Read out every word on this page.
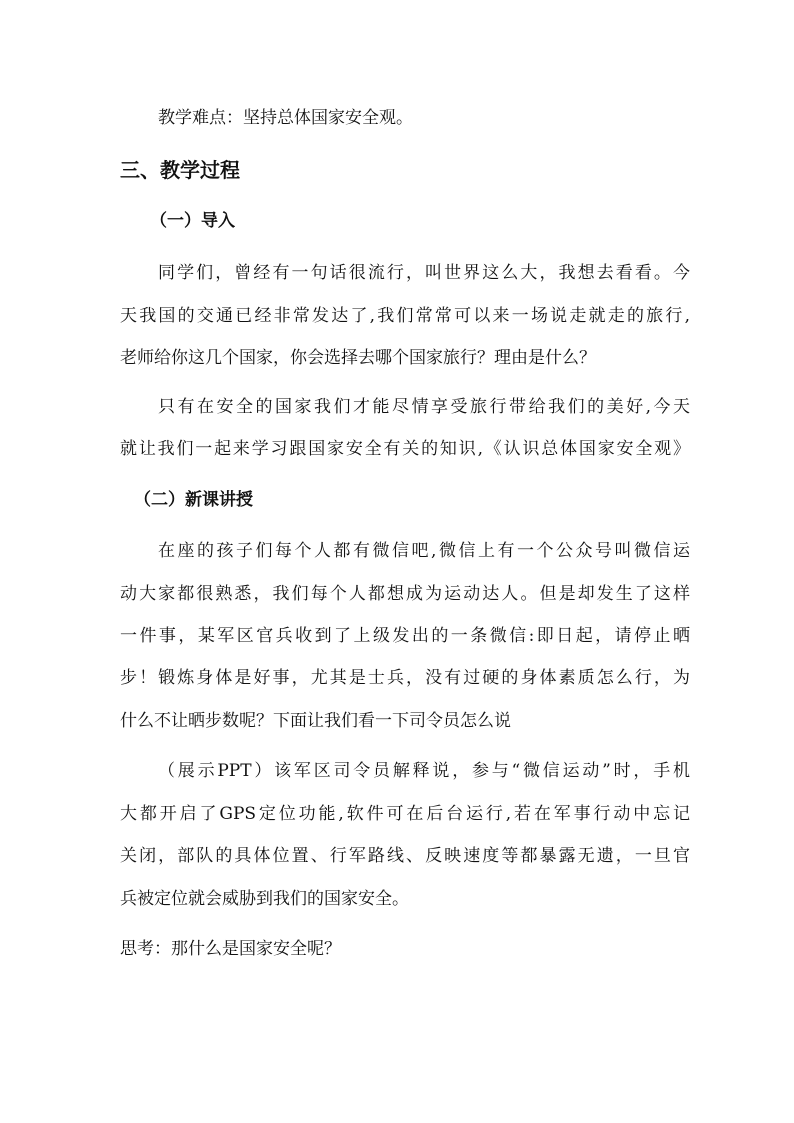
教学难点：坚持总体国家安全观。
三、教学过程
（一）导入
同学们，曾经有一句话很流行，叫世界这么大，我想去看看。今
天我国的交通已经非常发达了,我们常常可以来一场说走就走的旅行,
老师给你这几个国家，你会选择去哪个国家旅行？理由是什么？
只有在安全的国家我们才能尽情享受旅行带给我们的美好,今天
就让我们一起来学习跟国家安全有关的知识,《认识总体国家安全观》
（二）新课讲授
在座的孩子们每个人都有微信吧,微信上有一个公众号叫微信运
动大家都很熟悉，我们每个人都想成为运动达人。但是却发生了这样
一件事，某军区官兵收到了上级发出的一条微信:即日起，请停止晒
步！锻炼身体是好事，尤其是士兵，没有过硬的身体素质怎么行，为
什么不让晒步数呢？下面让我们看一下司令员怎么说
（展示PPT）该军区司令员解释说，参与“微信运动”时，手机
大都开启了GPS定位功能,软件可在后台运行,若在军事行动中忘记
关闭，部队的具体位置、行军路线、反映速度等都暴露无遗，一旦官
兵被定位就会威胁到我们的国家安全。
思考：那什么是国家安全呢？
